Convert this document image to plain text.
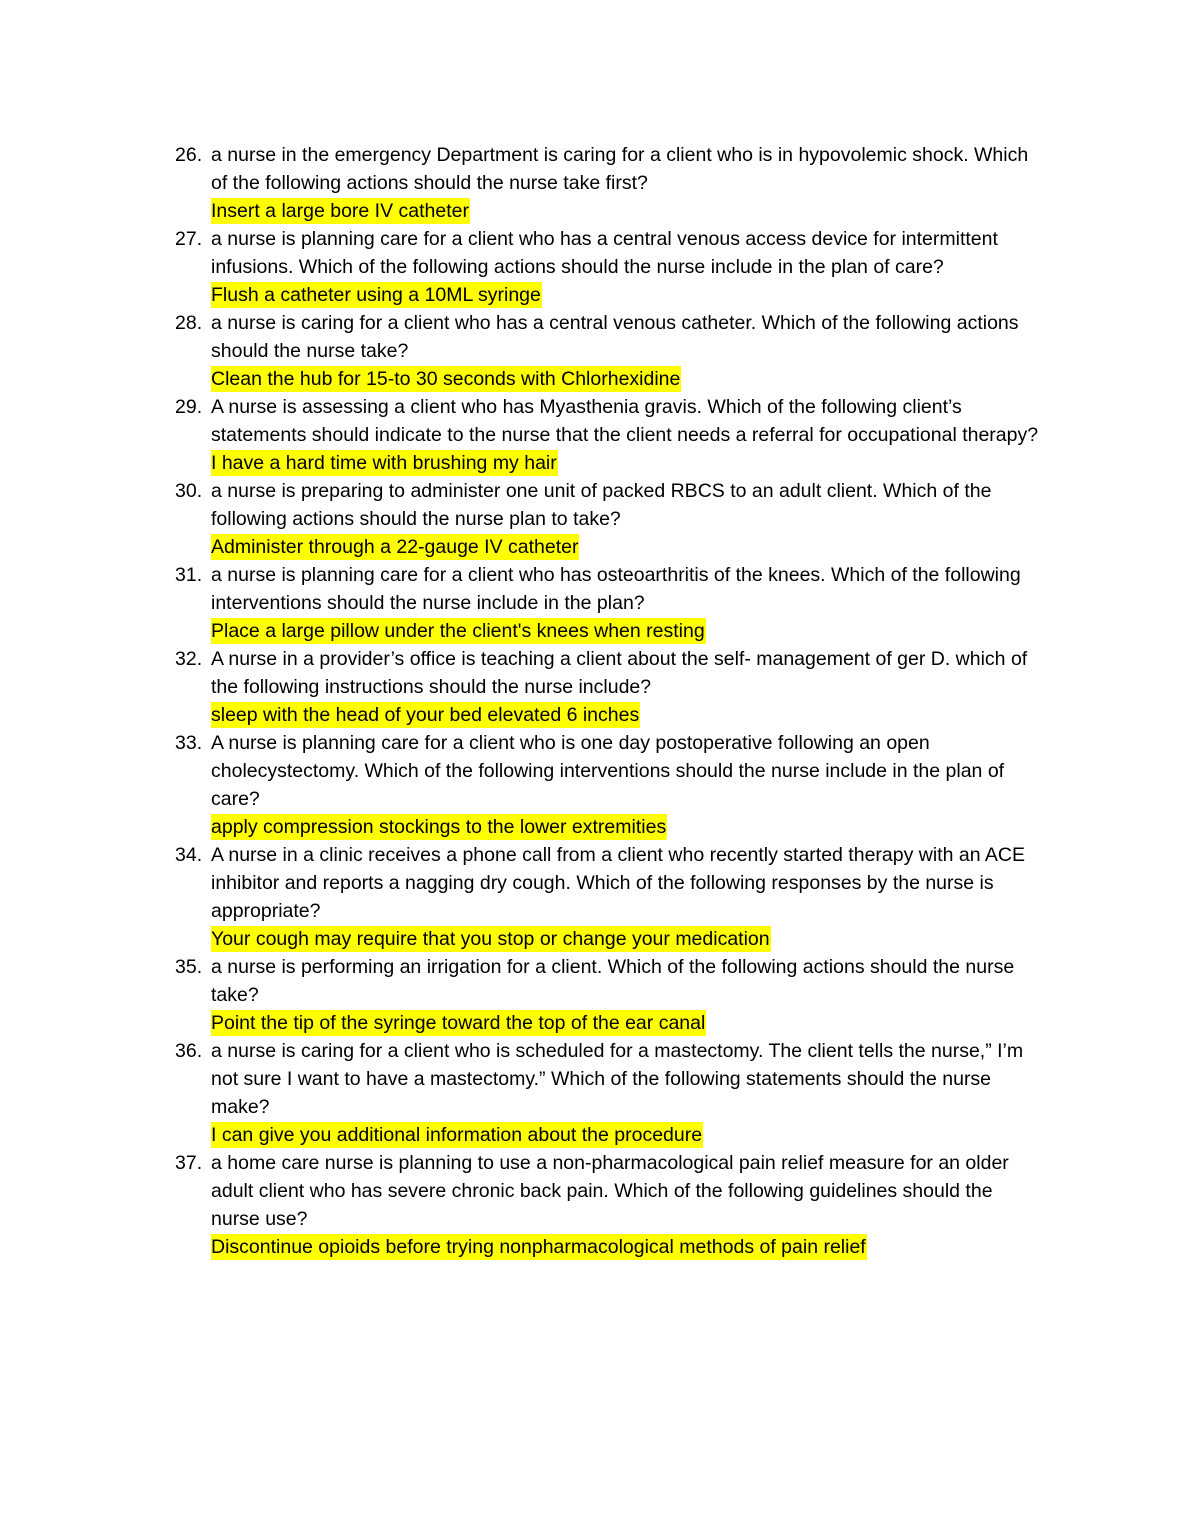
26. a nurse in the emergency Department is caring for a client who is in hypovolemic shock. Which of the following actions should the nurse take first?
Insert a large bore IV catheter
27. a nurse is planning care for a client who has a central venous access device for intermittent infusions. Which of the following actions should the nurse include in the plan of care?
Flush a catheter using a 10ML syringe
28. a nurse is caring for a client who has a central venous catheter. Which of the following actions should the nurse take?
Clean the hub for 15-to 30 seconds with Chlorhexidine
29. A nurse is assessing a client who has Myasthenia gravis. Which of the following client’s statements should indicate to the nurse that the client needs a referral for occupational therapy?
I have a hard time with brushing my hair
30. a nurse is preparing to administer one unit of packed RBCS to an adult client. Which of the following actions should the nurse plan to take?
Administer through a 22-gauge IV catheter
31. a nurse is planning care for a client who has osteoarthritis of the knees. Which of the following interventions should the nurse include in the plan?
Place a large pillow under the client's knees when resting
32. A nurse in a provider’s office is teaching a client about the self- management of ger D. which of the following instructions should the nurse include?
sleep with the head of your bed elevated 6 inches
33. A nurse is planning care for a client who is one day postoperative following an open cholecystectomy. Which of the following interventions should the nurse include in the plan of care?
apply compression stockings to the lower extremities
34. A nurse in a clinic receives a phone call from a client who recently started therapy with an ACE inhibitor and reports a nagging dry cough. Which of the following responses by the nurse is appropriate?
Your cough may require that you stop or change your medication
35. a nurse is performing an irrigation for a client. Which of the following actions should the nurse take?
Point the tip of the syringe toward the top of the ear canal
36. a nurse is caring for a client who is scheduled for a mastectomy. The client tells the nurse,” I’m not sure I want to have a mastectomy.” Which of the following statements should the nurse make?
I can give you additional information about the procedure
37. a home care nurse is planning to use a non-pharmacological pain relief measure for an older adult client who has severe chronic back pain. Which of the following guidelines should the nurse use?
Discontinue opioids before trying nonpharmacological methods of pain relief
